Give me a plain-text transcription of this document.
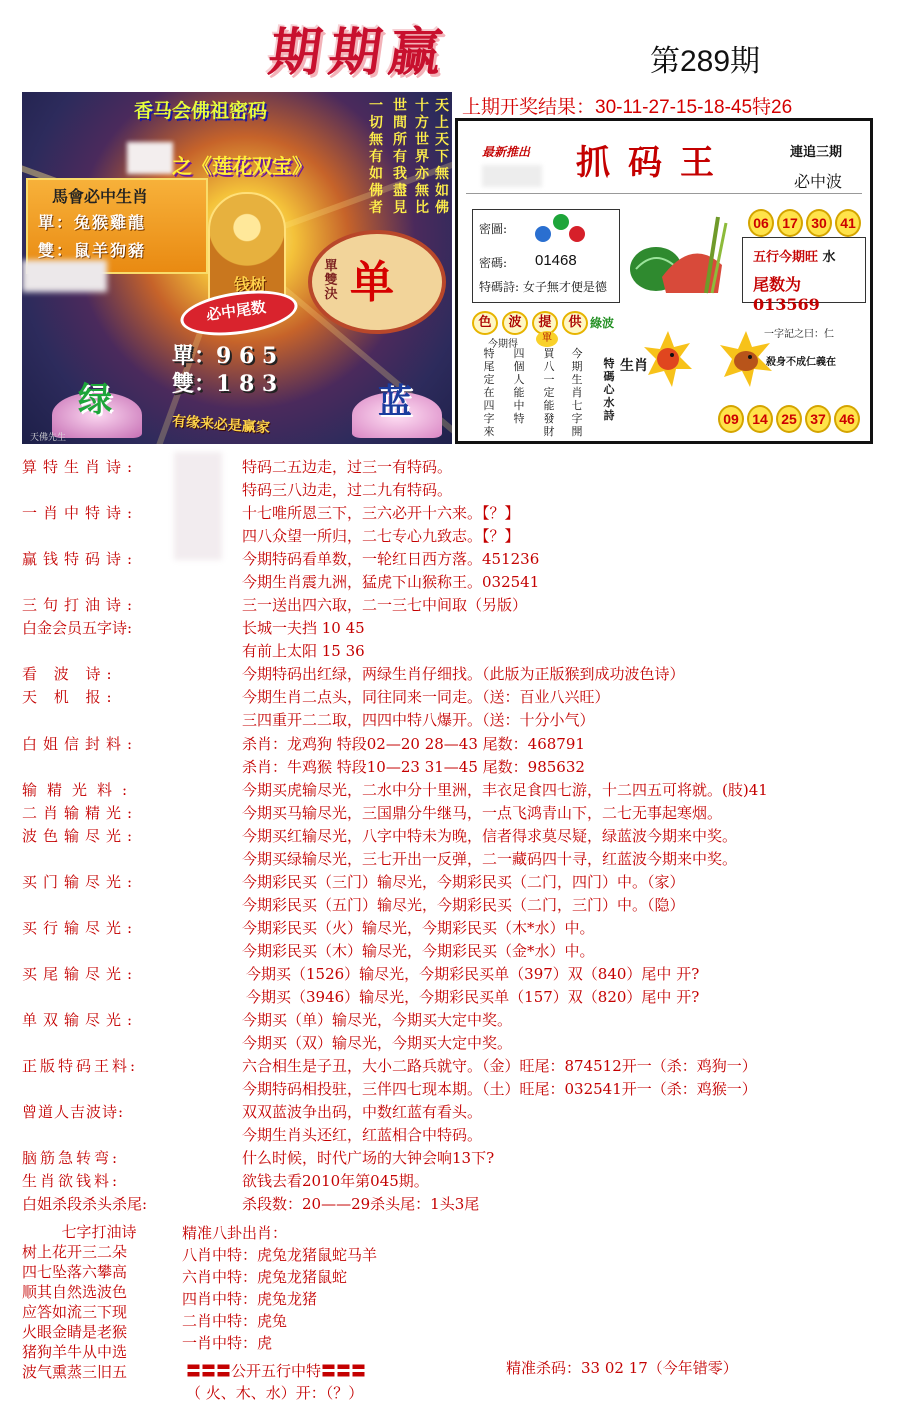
期期赢	第289期
上期开奖结果：30-11-27-15-18-45特26
香马会佛祖密码
之《莲花双宝》
一切無有如佛者
世間所有我盡見
十方世界亦無比
天上天下無如佛
馬會必中生肖
單：兔猴雞龍
雙：鼠羊狗豬
钱树
單雙決 单
必中尾数
單：9 6 5
雙：1 8 3
绿	蓝
有缘来必是赢家
天佛先生
最新推出 抓码王	連追三期
必中波
密圖:
密碼: 01468
特碼詩: 女子無才便是德
06 17 30 41
五行今期旺 水
尾数为 013569
色	波	提	供 綠波
今期得
單
特尾定在四字來
四個人能中特
買八一定能發財
今期生肖七字開
特碼心水詩
生肖
一字記之曰：仁
殺身不成仁義在
09 14 25 37 46
算特生肖诗:	特码二五边走，过三一有特码。
特码三八边走，过二九有特码。
一肖中特诗:	十七唯所恩三下，三六必开十六来。【？】
四八众望一所归，二七专心九致志。【？】
赢钱特码诗:	今期特码看单数，一轮红日西方落。451236
今期生肖震九洲，猛虎下山猴称王。032541
三句打油诗:	三一送出四六取，二一三七中间取（另版）
白金会员五字诗:	长城一夫挡 10 45
有前上太阳 15 36
看 波 诗:	今期特码出红绿，两绿生肖仔细找。（此版为正版猴到成功波色诗）
天 机 报:	今期生肖二点头，同往同来一同走。（送：百业八兴旺）
三四重开二二取，四四中特八爆开。（送：十分小气）
白姐信封料:	杀肖：龙鸡狗 特段02—20 28—43 尾数：468791
杀肖：牛鸡猴 特段10—23 31—45 尾数：985632
输精光料:	今期买虎输尽光，二水中分十里洲，丰衣足食四七游，十二四五可将就。(肢)41
二肖输精光:	今期买马输尽光，三国鼎分牛继马，一点飞鸿青山下，二七无事起寒烟。
波色输尽光:	今期买红输尽光，八字中特未为晚，信者得求莫尽疑，绿蓝波今期来中奖。
今期买绿输尽光，三七开出一反弹，二一藏码四十寻，红蓝波今期来中奖。
买门输尽光:	今期彩民买（三门）输尽光，今期彩民买（二门，四门）中。（家）
今期彩民买（五门）输尽光，今期彩民买（二门，三门）中。（隐）
买行输尽光:	今期彩民买（火）输尽光，今期彩民买（木*水）中。
今期彩民买（木）输尽光，今期彩民买（金*水）中。
买尾输尽光:	今期买（1526）输尽光，今期彩民买单（397）双（840）尾中 开?
今期买（3946）输尽光，今期彩民买单（157）双（820）尾中 开?
单双输尽光:	今期买（单）输尽光，今期买大定中奖。
今期买（双）输尽光，今期买大定中奖。
正版特码王料:	六合相生是子丑，大小二路兵就守。（金）旺尾：874512开一（杀：鸡狗一）
今期特码相投驻，三伴四七现本期。（土）旺尾：032541开一（杀：鸡猴一）
曾道人吉波诗:	双双蓝波争出码，中数红蓝有看头。
今期生肖头还红，红蓝相合中特码。
脑筋急转弯:	什么时候，时代广场的大钟会响13下?
生肖欲钱料:	欲钱去看2010年第045期。
白姐杀段杀头杀尾:	杀段数：20——29杀头尾：1头3尾
七字打油诗
树上花开三二朵
四七坠落六攀高
顺其自然选波色
应答如流三下现
火眼金睛是老猴
猪狗羊牛从中选
波气熏蒸三旧五
精准八卦出肖：
八肖中特：虎兔龙猪鼠蛇马羊
六肖中特：虎兔龙猪鼠蛇
四肖中特：虎兔龙猪
二肖中特：虎兔
一肖中特：虎
〓〓〓公开五行中特〓〓〓
（ 火、木、水）开：（？）
精准杀码：33 02 17（今年错零）
